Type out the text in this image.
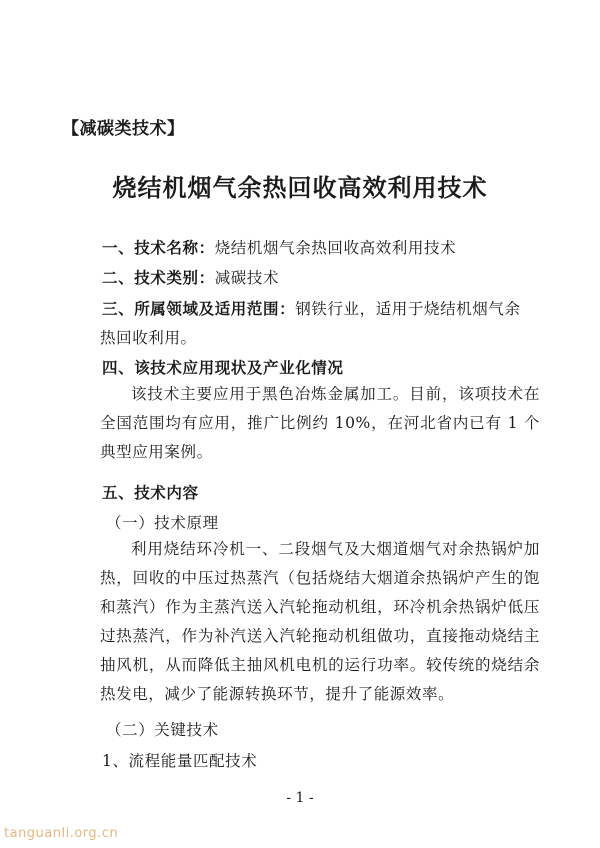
【减碳类技术】
烧结机烟气余热回收高效利用技术
一、技术名称：烧结机烟气余热回收高效利用技术
二、技术类别：减碳技术
三、所属领域及适用范围：钢铁行业，适用于烧结机烟气余
热回收利用。
四、该技术应用现状及产业化情况
该技术主要应用于黑色冶炼金属加工。目前，该项技术在全国范围均有应用，推广比例约 10%，在河北省内已有 1 个典型应用案例。
五、技术内容
（一）技术原理
利用烧结环冷机一、二段烟气及大烟道烟气对余热锅炉加热，回收的中压过热蒸汽（包括烧结大烟道余热锅炉产生的饱和蒸汽）作为主蒸汽送入汽轮拖动机组，环冷机余热锅炉低压过热蒸汽，作为补汽送入汽轮拖动机组做功，直接拖动烧结主抽风机，从而降低主抽风机电机的运行功率。较传统的烧结余热发电，减少了能源转换环节，提升了能源效率。
（二）关键技术
1、流程能量匹配技术
- 1 -
tanguanli.org.cn
